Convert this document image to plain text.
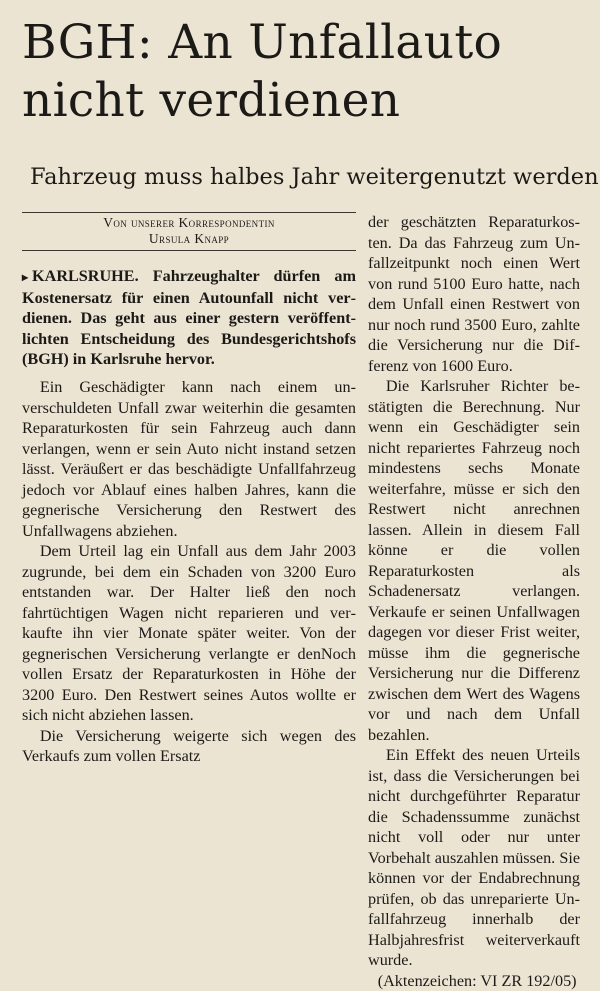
BGH: An Unfallauto
nicht verdienen
Fahrzeug muss halbes Jahr weitergenutzt werden
Von unserer Korrespondentin
Ursula Knapp

▸ KARLSRUHE. Fahrzeughalter dürfen am Kostenersatz für einen Autounfall nicht verdienen. Das geht aus einer gestern veröffentlichten Entscheidung des Bundesgerichtshofs (BGH) in Karlsruhe hervor.

Ein Geschädigter kann nach einem unverschuldeten Unfall zwar weiterhin die gesamten Reparaturkosten für sein Fahrzeug auch dann verlangen, wenn er sein Auto nicht instand setzen lässt. Veräußert er das beschädigte Unfallfahrzeug jedoch vor Ablauf eines halben Jahres, kann die gegnerische Versicherung den Restwert des Unfallwagens abziehen.

Dem Urteil lag ein Unfall aus dem Jahr 2003 zugrunde, bei dem ein Schaden von 3200 Euro entstanden war. Der Halter ließ den noch fahrtüchtigen Wagen nicht reparieren und verkaufte ihn vier Monate später weiter. Von der gegnerischen Versicherung verlangte er denNoch vollen Ersatz der Reparaturkosten in Höhe der 3200 Euro. Den Restwert seines Autos wollte er sich nicht abziehen lassen.

Die Versicherung weigerte sich wegen des Verkaufs zum vollen Ersatz

der geschätzten Reparaturkosten. Da das Fahrzeug zum Unfallzeitpunkt noch einen Wert von rund 5100 Euro hatte, nach dem Unfall einen Restwert von nur noch rund 3500 Euro, zahlte die Versicherung nur die Differenz von 1600 Euro.

Die Karlsruher Richter bestätigten die Berechnung. Nur wenn ein Geschädigter sein nicht repariertes Fahrzeug noch mindestens sechs Monate weiterfahre, müsse er sich den Restwert nicht anrechnen lassen. Allein in diesem Fall könne er die vollen Reparaturkosten als Schadenersatz verlangen. Verkaufe er seinen Unfallwagen dagegen vor dieser Frist weiter, müsse ihm die gegnerische Versicherung nur die Differenz zwischen dem Wert des Wagens vor und nach dem Unfall bezahlen.

Ein Effekt des neuen Urteils ist, dass die Versicherungen bei nicht durchgeführter Reparatur die Schadenssumme zunächst nicht voll oder nur unter Vorbehalt auszahlen müssen. Sie können vor der Endabrechnung prüfen, ob das unreparierte Unfallfahrzeug innerhalb der Halbjahresfrist weiterverkauft wurde.

(Aktenzeichen: VI ZR 192/05)
